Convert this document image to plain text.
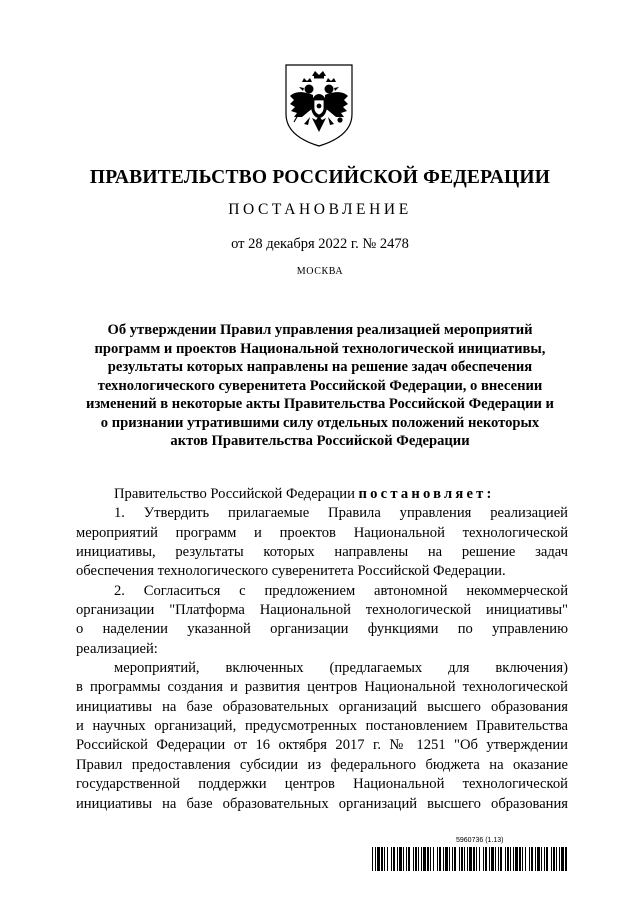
ПРАВИТЕЛЬСТВО РОССИЙСКОЙ ФЕДЕРАЦИИ
ПОСТАНОВЛЕНИЕ
от 28 декабря 2022 г. № 2478
МОСКВА

Об утверждении Правил управления реализацией мероприятий программ и проектов Национальной технологической инициативы, результаты которых направлены на решение задач обеспечения технологического суверенитета Российской Федерации, о внесении изменений в некоторые акты Правительства Российской Федерации и о признании утратившими силу отдельных положений некоторых актов Правительства Российской Федерации

Правительство Российской Федерации постановляет:
1. Утвердить прилагаемые Правила управления реализацией
мероприятий программ и проектов Национальной технологической
инициативы, результаты которых направлены на решение задач
обеспечения технологического суверенитета Российской Федерации.
2. Согласиться с предложением автономной некоммерческой
организации "Платформа Национальной технологической инициативы"
о наделении указанной организации функциями по управлению
реализацией:
мероприятий, включенных (предлагаемых для включения)
в программы создания и развития центров Национальной технологической
инициативы на базе образовательных организаций высшего образования
и научных организаций, предусмотренных постановлением Правительства
Российской Федерации от 16 октября 2017 г. № 1251 "Об утверждении
Правил предоставления субсидии из федерального бюджета на оказание
государственной поддержки центров Национальной технологической
инициативы на базе образовательных организаций высшего образования
5960736 (1.13)
